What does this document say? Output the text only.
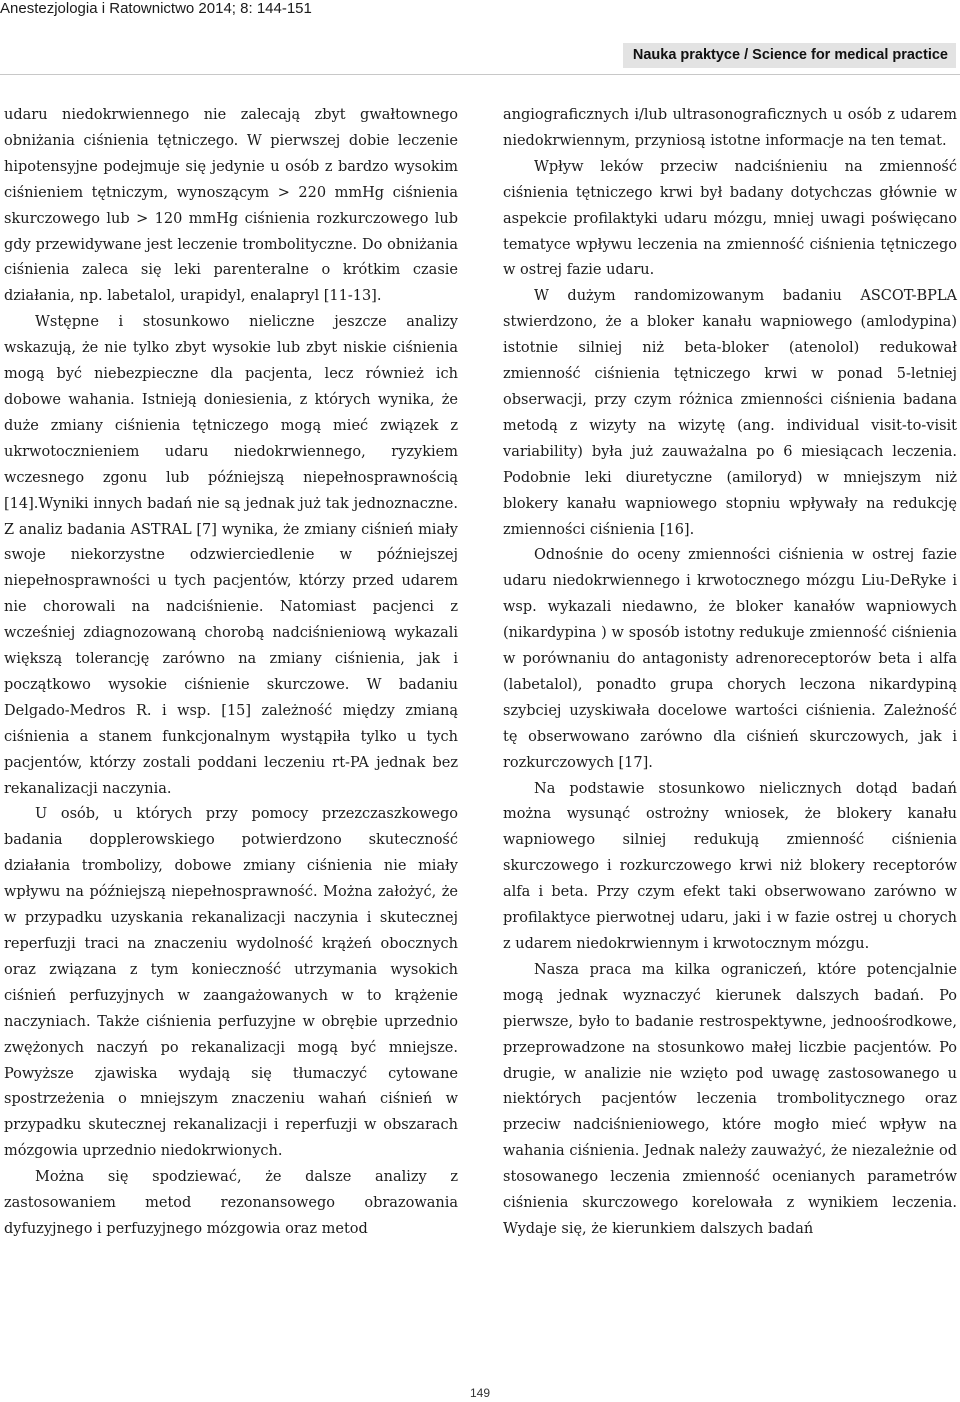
Anestezjologia i Ratownictwo 2014; 8: 144-151
Nauka praktyce / Science for medical practice

udaru niedokrwiennego nie zalecają zbyt gwałtownego obniżania ciśnienia tętniczego. W pierwszej dobie leczenie hipotensyjne podejmuje się jedynie u osób z bardzo wysokim ciśnieniem tętniczym, wynoszącym > 220 mmHg ciśnienia skurczowego lub > 120 mmHg ciśnienia rozkurczowego lub gdy przewidywane jest leczenie trombolityczne. Do obniżania ciśnienia zaleca się leki parenteralne o krótkim czasie działania, np. labetalol, urapidyl, enalapryl [11-13].

Wstępne i stosunkowo nieliczne jeszcze analizy wskazują, że nie tylko zbyt wysokie lub zbyt niskie ciśnienia mogą być niebezpieczne dla pacjenta, lecz również ich dobowe wahania. Istnieją doniesienia, z których wynika, że duże zmiany ciśnienia tętniczego mogą mieć związek z ukrwotocznieniem udaru niedokrwiennego, ryzykiem wczesnego zgonu lub późniejszą niepełnosprawnością [14].Wyniki innych badań nie są jednak już tak jednoznaczne. Z analiz badania ASTRAL [7] wynika, że zmiany ciśnień miały swoje niekorzystne odzwierciedlenie w późniejszej niepełnosprawności u tych pacjentów, którzy przed udarem nie chorowali na nadciśnienie. Natomiast pacjenci z wcześniej zdiagnozowaną chorobą nadciśnieniową wykazali większą tolerancję zarówno na zmiany ciśnienia, jak i początkowo wysokie ciśnienie skurczowe. W badaniu Delgado-Medros R. i wsp. [15] zależność między zmianą ciśnienia a stanem funkcjonalnym wystąpiła tylko u tych pacjentów, którzy zostali poddani leczeniu rt-PA jednak bez rekanalizacji naczynia.

U osób, u których przy pomocy przezczaszkowego badania dopplerowskiego potwierdzono skuteczność działania trombolizy, dobowe zmiany ciśnienia nie miały wpływu na późniejszą niepełnosprawność. Można założyć, że w przypadku uzyskania rekanalizacji naczynia i skutecznej reperfuzji traci na znaczeniu wydolność krążeń obocznych oraz związana z tym konieczność utrzymania wysokich ciśnień perfuzyjnych w zaangażowanych w to krążenie naczyniach. Także ciśnienia perfuzyjne w obrębie uprzednio zwężonych naczyń po rekanalizacji mogą być mniejsze. Powyższe zjawiska wydają się tłumaczyć cytowane spostrzeżenia o mniejszym znaczeniu wahań ciśnień w przypadku skutecznej rekanalizacji i reperfuzji w obszarach mózgowia uprzednio niedokrwionych.

Można się spodziewać, że dalsze analizy z zastosowaniem metod rezonansowego obrazowania dyfuzyjnego i perfuzyjnego mózgowia oraz metod

angiograficznych i/lub ultrasonograficznych u osób z udarem niedokrwiennym, przyniosą istotne informacje na ten temat.

Wpływ leków przeciw nadciśnieniu na zmienność ciśnienia tętniczego krwi był badany dotychczas głównie w aspekcie profilaktyki udaru mózgu, mniej uwagi poświęcano tematyce wpływu leczenia na zmienność ciśnienia tętniczego w ostrej fazie udaru.

W dużym randomizowanym badaniu ASCOT-BPLA stwierdzono, że a bloker kanału wapniowego (amlodypina) istotnie silniej niż beta-bloker (atenolol) redukował zmienność ciśnienia tętniczego krwi w ponad 5-letniej obserwacji, przy czym różnica zmienności ciśnienia badana metodą z wizyty na wizytę (ang. individual visit-to-visit variability) była już zauważalna po 6 miesiącach leczenia. Podobnie leki diuretyczne (amiloryd) w mniejszym niż blokery kanału wapniowego stopniu wpływały na redukcję zmienności ciśnienia [16].

Odnośnie do oceny zmienności ciśnienia w ostrej fazie udaru niedokrwiennego i krwotocznego mózgu Liu-DeRyke i wsp. wykazali niedawno, że bloker kanałów wapniowych (nikardypina ) w sposób istotny redukuje zmienność ciśnienia w porównaniu do antagonisty adrenoreceptorów beta i alfa (labetalol), ponadto grupa chorych leczona nikardypiną szybciej uzyskiwała docelowe wartości ciśnienia. Zależność tę obserwowano zarówno dla ciśnień skurczowych, jak i rozkurczowych [17].

Na podstawie stosunkowo nielicznych dotąd badań można wysunąć ostrożny wniosek, że blokery kanału wapniowego silniej redukują zmienność ciśnienia skurczowego i rozkurczowego krwi niż blokery receptorów alfa i beta. Przy czym efekt taki obserwowano zarówno w profilaktyce pierwotnej udaru, jaki i w fazie ostrej u chorych z udarem niedokrwiennym i krwotocznym mózgu.

Nasza praca ma kilka ograniczeń, które potencjalnie mogą jednak wyznaczyć kierunek dalszych badań. Po pierwsze, było to badanie restrospektywne, jednoośrodkowe, przeprowadzone na stosunkowo małej liczbie pacjentów. Po drugie, w analizie nie wzięto pod uwagę zastosowanego u niektórych pacjentów leczenia trombolitycznego oraz przeciw nadciśnieniowego, które mogło mieć wpływ na wahania ciśnienia. Jednak należy zauważyć, że niezależnie od stosowanego leczenia zmienność ocenianych parametrów ciśnienia skurczowego korelowała z wynikiem leczenia. Wydaje się, że kierunkiem dalszych badań

149
